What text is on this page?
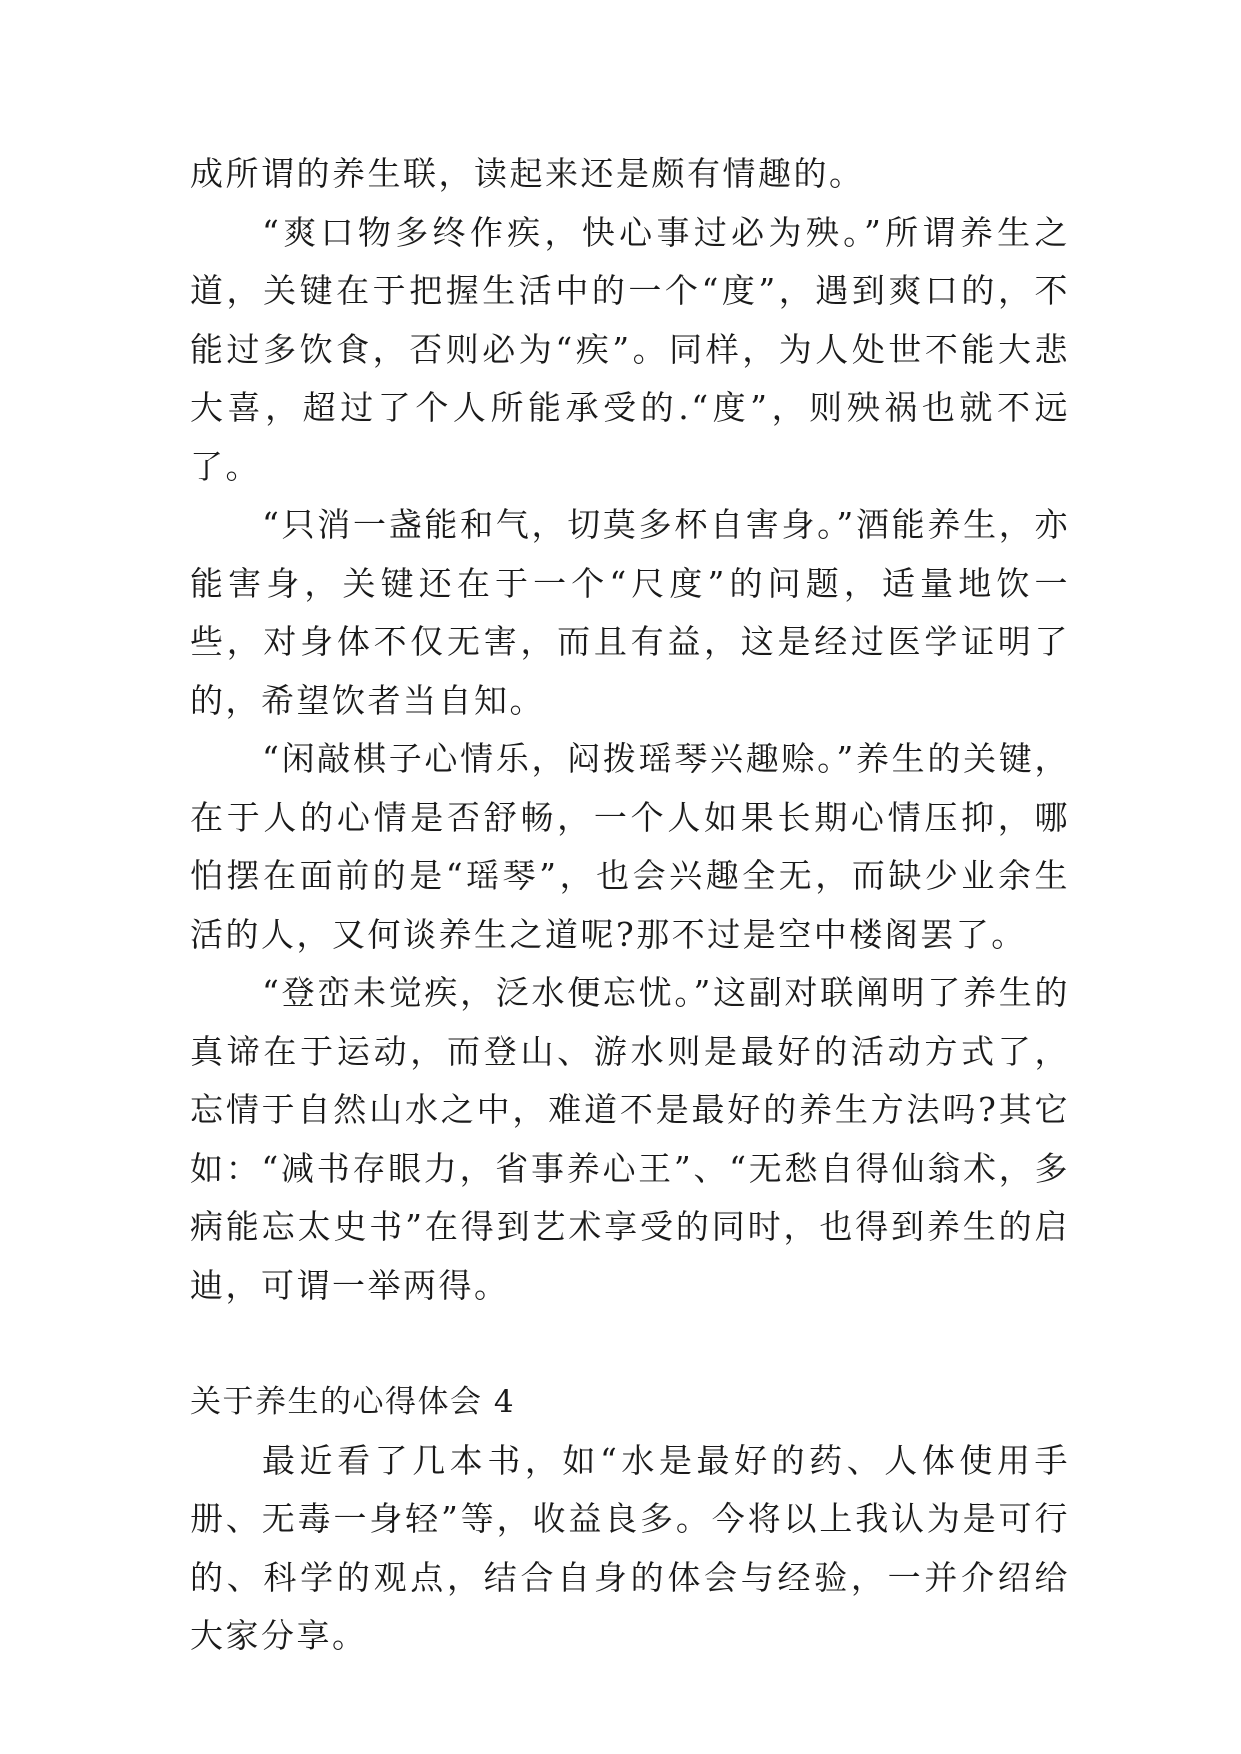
成所谓的养生联，读起来还是颇有情趣的。

“爽口物多终作疾，快心事过必为殃。”所谓养生之道，关键在于把握生活中的一个“度”，遇到爽口的，不能过多饮食，否则必为“疾”。同样，为人处世不能大悲大喜，超过了个人所能承受的.“度”，则殃祸也就不远了。

“只消一盏能和气，切莫多杯自害身。”酒能养生，亦能害身，关键还在于一个“尺度”的问题，适量地饮一些，对身体不仅无害，而且有益，这是经过医学证明了的，希望饮者当自知。

“闲敲棋子心情乐，闷拨瑶琴兴趣赊。”养生的关键，在于人的心情是否舒畅，一个人如果长期心情压抑，哪怕摆在面前的是“瑶琴”，也会兴趣全无，而缺少业余生活的人，又何谈养生之道呢?那不过是空中楼阁罢了。

“登峦未觉疾，泛水便忘忧。”这副对联阐明了养生的真谛在于运动，而登山、游水则是最好的活动方式了，忘情于自然山水之中，难道不是最好的养生方法吗?其它如：“减书存眼力，省事养心王”、“无愁自得仙翁术，多病能忘太史书”在得到艺术享受的同时，也得到养生的启迪，可谓一举两得。

关于养生的心得体会 4

最近看了几本书，如“水是最好的药、人体使用手册、无毒一身轻”等，收益良多。今将以上我认为是可行的、科学的观点，结合自身的体会与经验，一并介绍给大家分享。
